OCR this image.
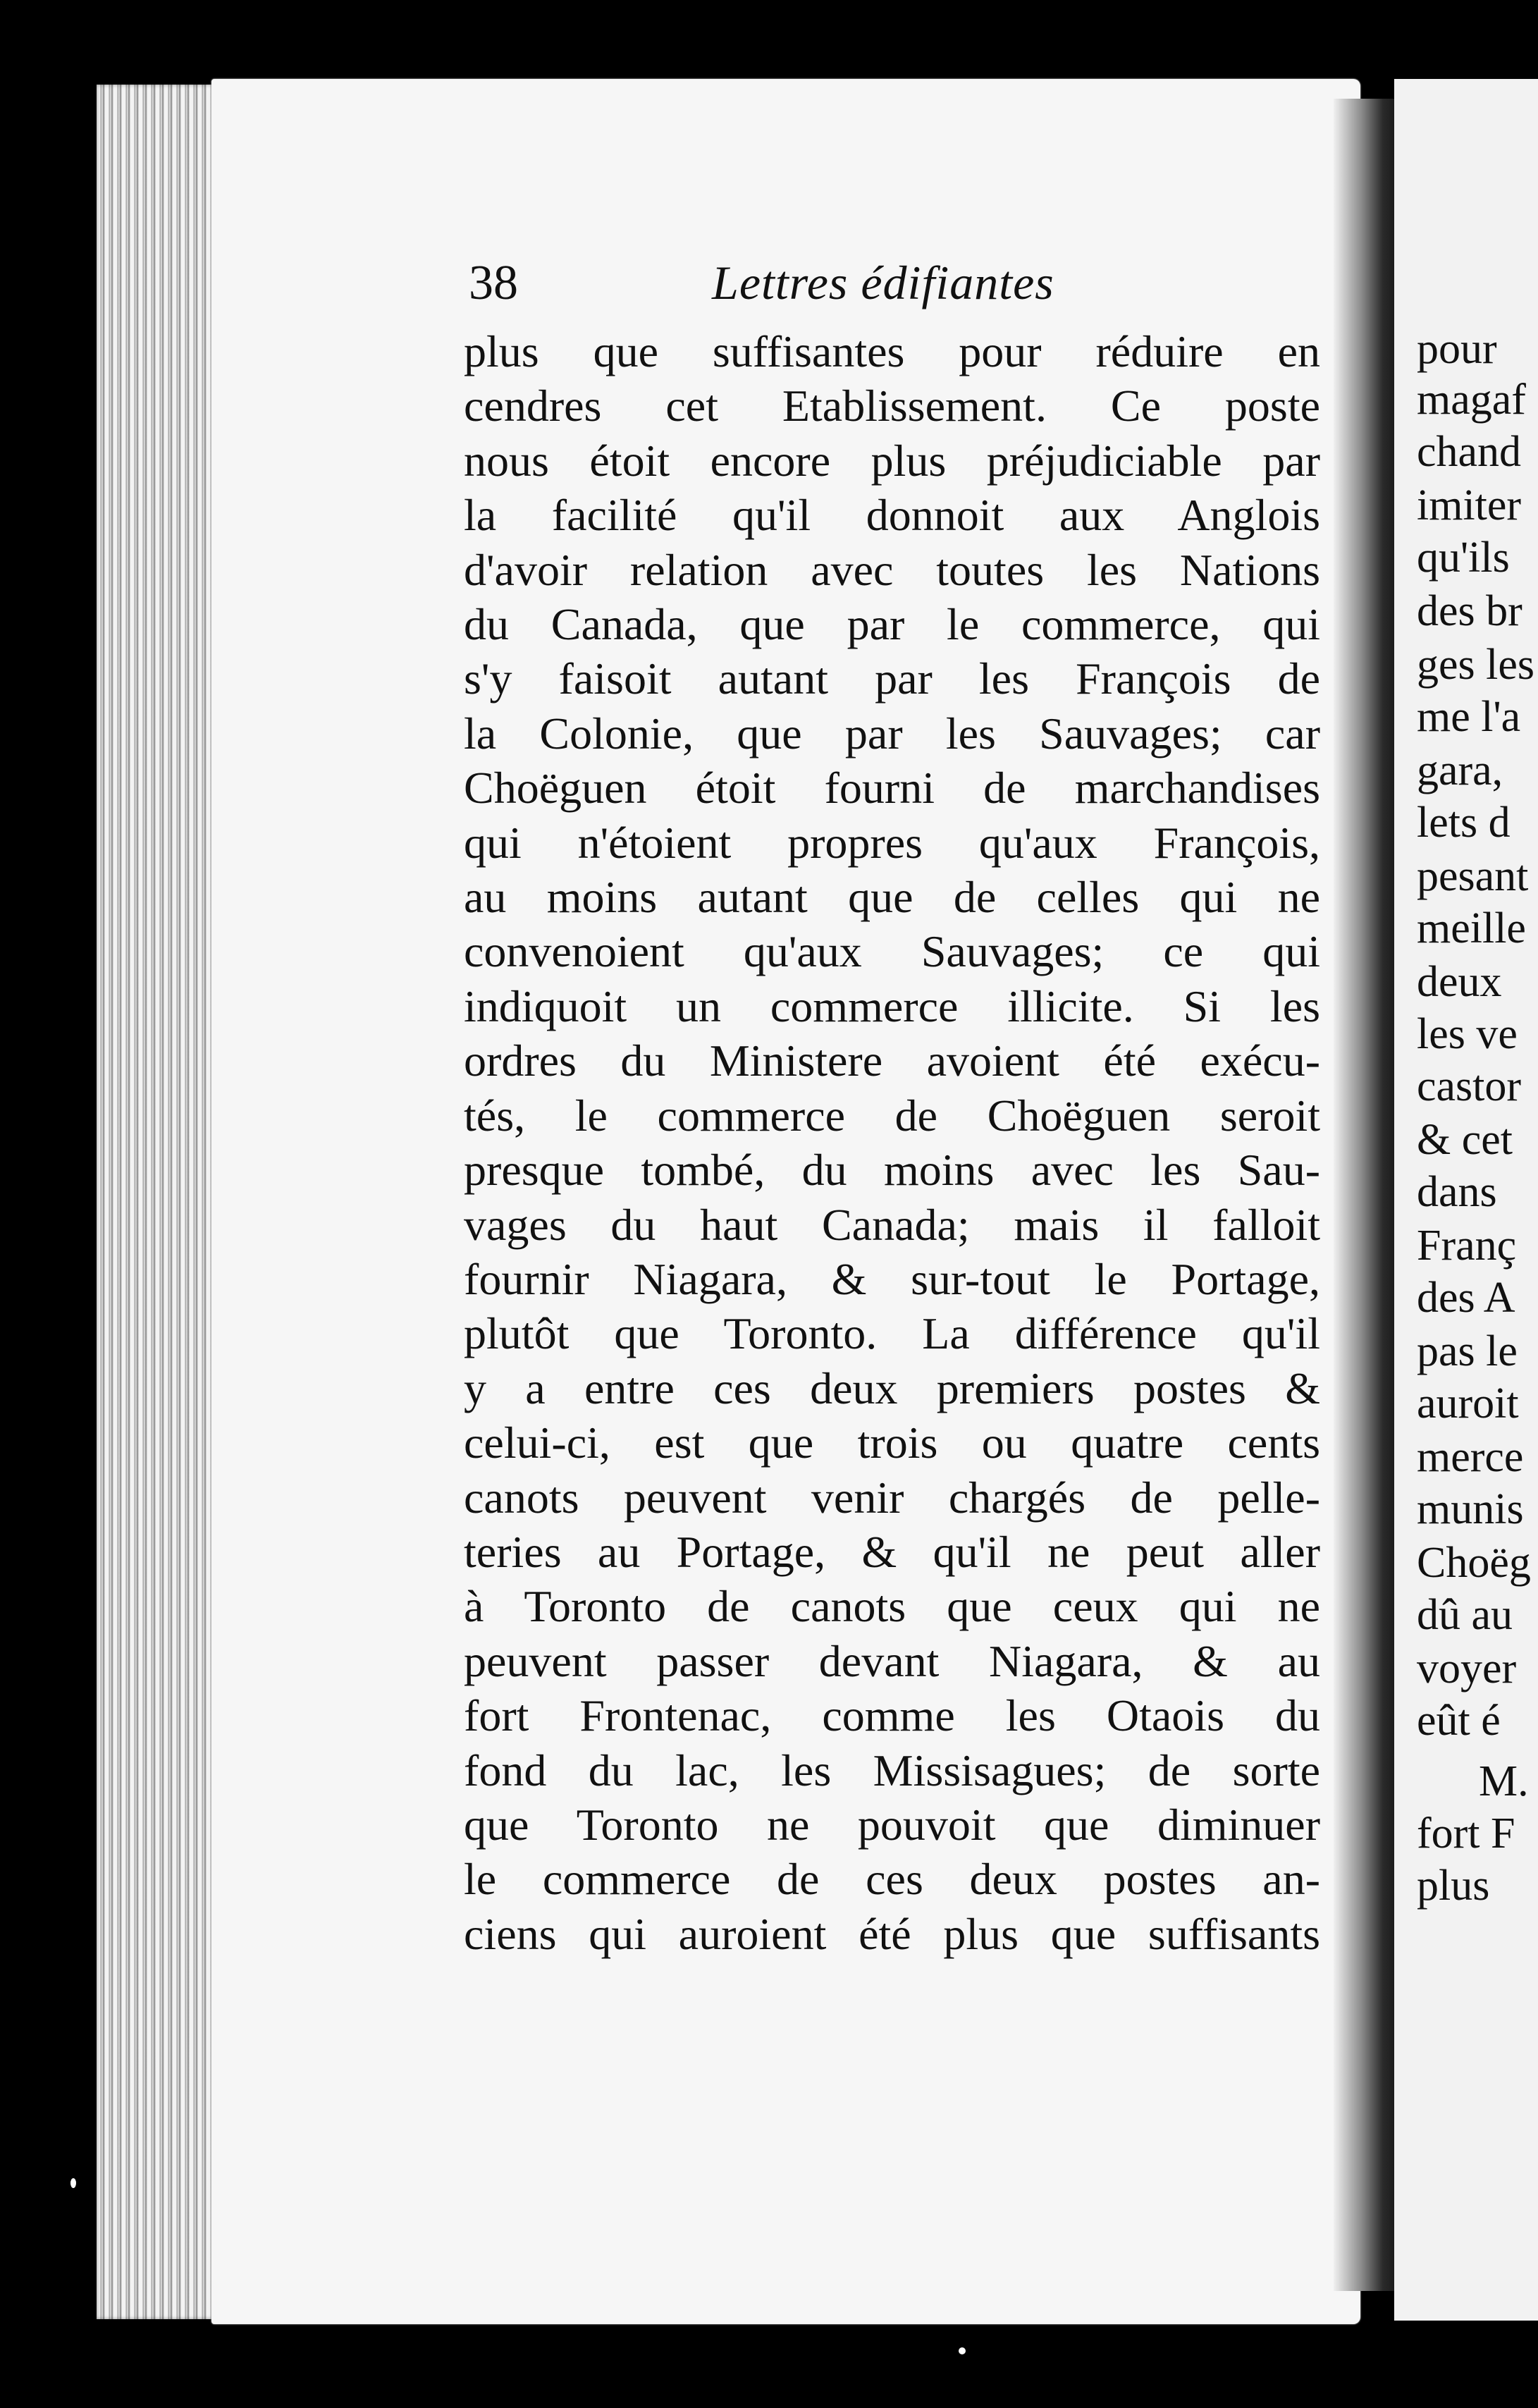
pour
magaf
chand
imiter
qu'ils
des br
ges les
me l'a
gara,
lets d
pesant
meille
deux
les ve
castor
& cet
dans
Franç
des A
pas le
auroit
merce
munis
Choëg
dû au
voyer
eût é
M.
fort F
plus
38	Lettres édifiantes
plus que suffisantes pour réduire en
cendres cet Etablissement. Ce poste
nous étoit encore plus préjudiciable par
la facilité qu'il donnoit aux Anglois
d'avoir relation avec toutes les Nations
du Canada, que par le commerce, qui
s'y faisoit autant par les François de
la Colonie, que par les Sauvages; car
Choëguen étoit fourni de marchandises
qui n'étoient propres qu'aux François,
au moins autant que de celles qui ne
convenoient qu'aux Sauvages; ce qui
indiquoit un commerce illicite. Si les
ordres du Ministere avoient été exécu-
tés, le commerce de Choëguen seroit
presque tombé, du moins avec les Sau-
vages du haut Canada; mais il falloit
fournir Niagara, & sur-tout le Portage,
plutôt que Toronto. La différence qu'il
y a entre ces deux premiers postes &
celui-ci, est que trois ou quatre cents
canots peuvent venir chargés de pelle-
teries au Portage, & qu'il ne peut aller
à Toronto de canots que ceux qui ne
peuvent passer devant Niagara, & au
fort Frontenac, comme les Otaois du
fond du lac, les Missisagues; de sorte
que Toronto ne pouvoit que diminuer
le commerce de ces deux postes an-
ciens qui auroient été plus que suffisants
